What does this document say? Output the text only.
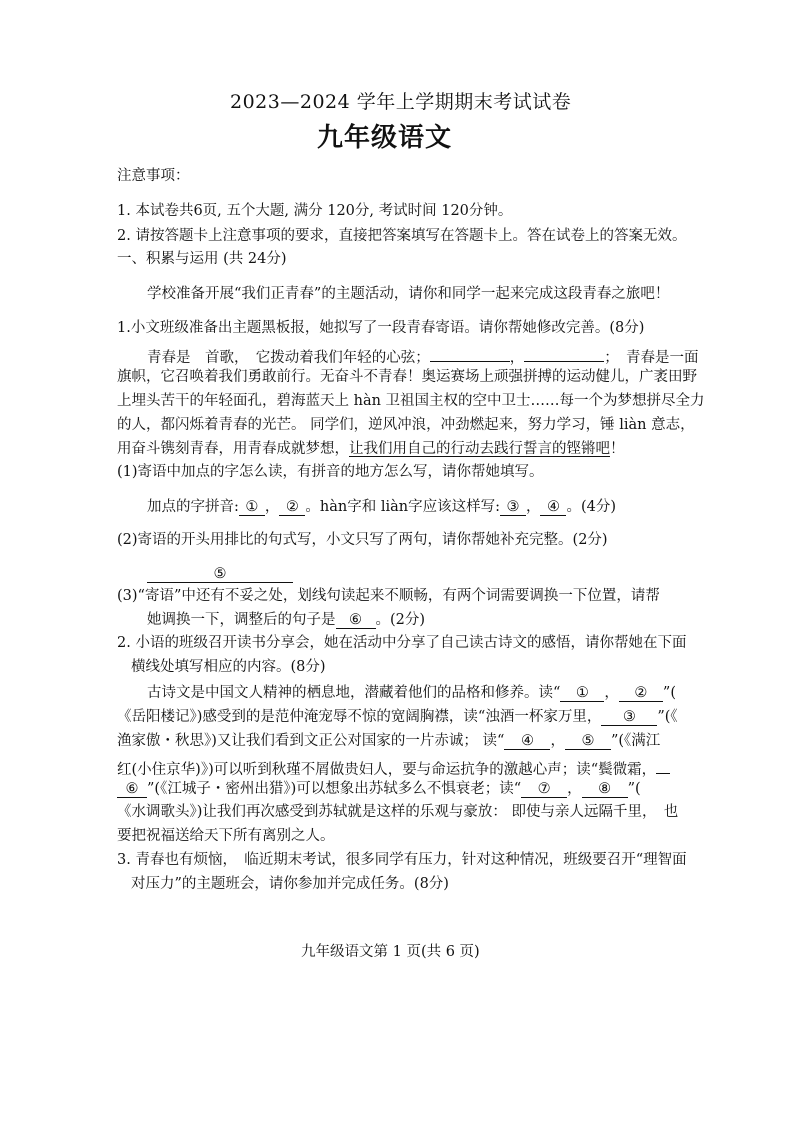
2023—2024 学年上学期期末考试试卷
九年级语文
注意事项：
1. 本试卷共6页, 五个大题, 满分 120分, 考试时间 120分钟。
2. 请按答题卡上注意事项的要求，直接把答案填写在答题卡上。答在试卷上的答案无效。
一、积累与运用 (共 24分)
学校准备开展“我们正青春”的主题活动，请你和同学一起来完成这段青春之旅吧！
1.小文班级准备出主题黑板报，她拟写了一段青春寄语。请你帮她修改完善。(8分)
青春是　首歌，　它拨动着我们年轻的心弦；	，	；　青春是一面
旗帜，它召唤着我们勇敢前行。无奋斗不青春！奥运赛场上顽强拼搏的运动健儿，广袤田野
上埋头苦干的年轻面孔，碧海蓝天上 hàn 卫祖国主权的空中卫士……每一个为梦想拼尽全力
的人，都闪烁着青春的光芒。 同学们，逆风冲浪，冲劲燃起来，努力学习，锤 liàn 意志，
用奋斗镌刻青春，用青春成就梦想，让我们用自己的行动去践行誓言的铿锵吧！
(1)寄语中加点的字怎么读，有拼音的地方怎么写，请你帮她填写。
加点的字拼音: ① ， ② 。hàn字和 liàn字应该这样写: ③ ， ④ 。(4分)
(2)寄语的开头用排比的句式写，小文只写了两句，请你帮她补充完整。(2分)
⑤
(3)“寄语”中还有不妥之处，划线句读起来不顺畅，有两个词需要调换一下位置，请帮
她调换一下，调整后的句子是 ⑥ 。(2分)
2. 小语的班级召开读书分享会，她在活动中分享了自己读古诗文的感悟，请你帮她在下面
横线处填写相应的内容。(8分)
古诗文是中国文人精神的栖息地，潜藏着他们的品格和修养。读“ ① ， ② ”(
《岳阳楼记》)感受到的是范仲淹宠辱不惊的宽阔胸襟，读“浊酒一杯家万里， ③ ”(《
渔家傲・秋思》)又让我们看到文正公对国家的一片赤诚； 读“ ④ ， ⑤ ”(《满江
红(小住京华)》)可以听到秋瑾不屑做贵妇人，要与命运抗争的激越心声；读“鬓微霜，
⑥ ”(《江城子・密州出猎》)可以想象出苏轼多么不惧衰老；读“ ⑦ ， ⑧ ”(
《水调歌头》)让我们再次感受到苏轼就是这样的乐观与豪放： 即使与亲人远隔千里，　也
要把祝福送给天下所有离别之人。
3. 青春也有烦恼，　临近期末考试，很多同学有压力，针对这种情况，班级要召开“理智面
对压力”的主题班会，请你参加并完成任务。(8分)
九年级语文第 1 页(共 6 页)
